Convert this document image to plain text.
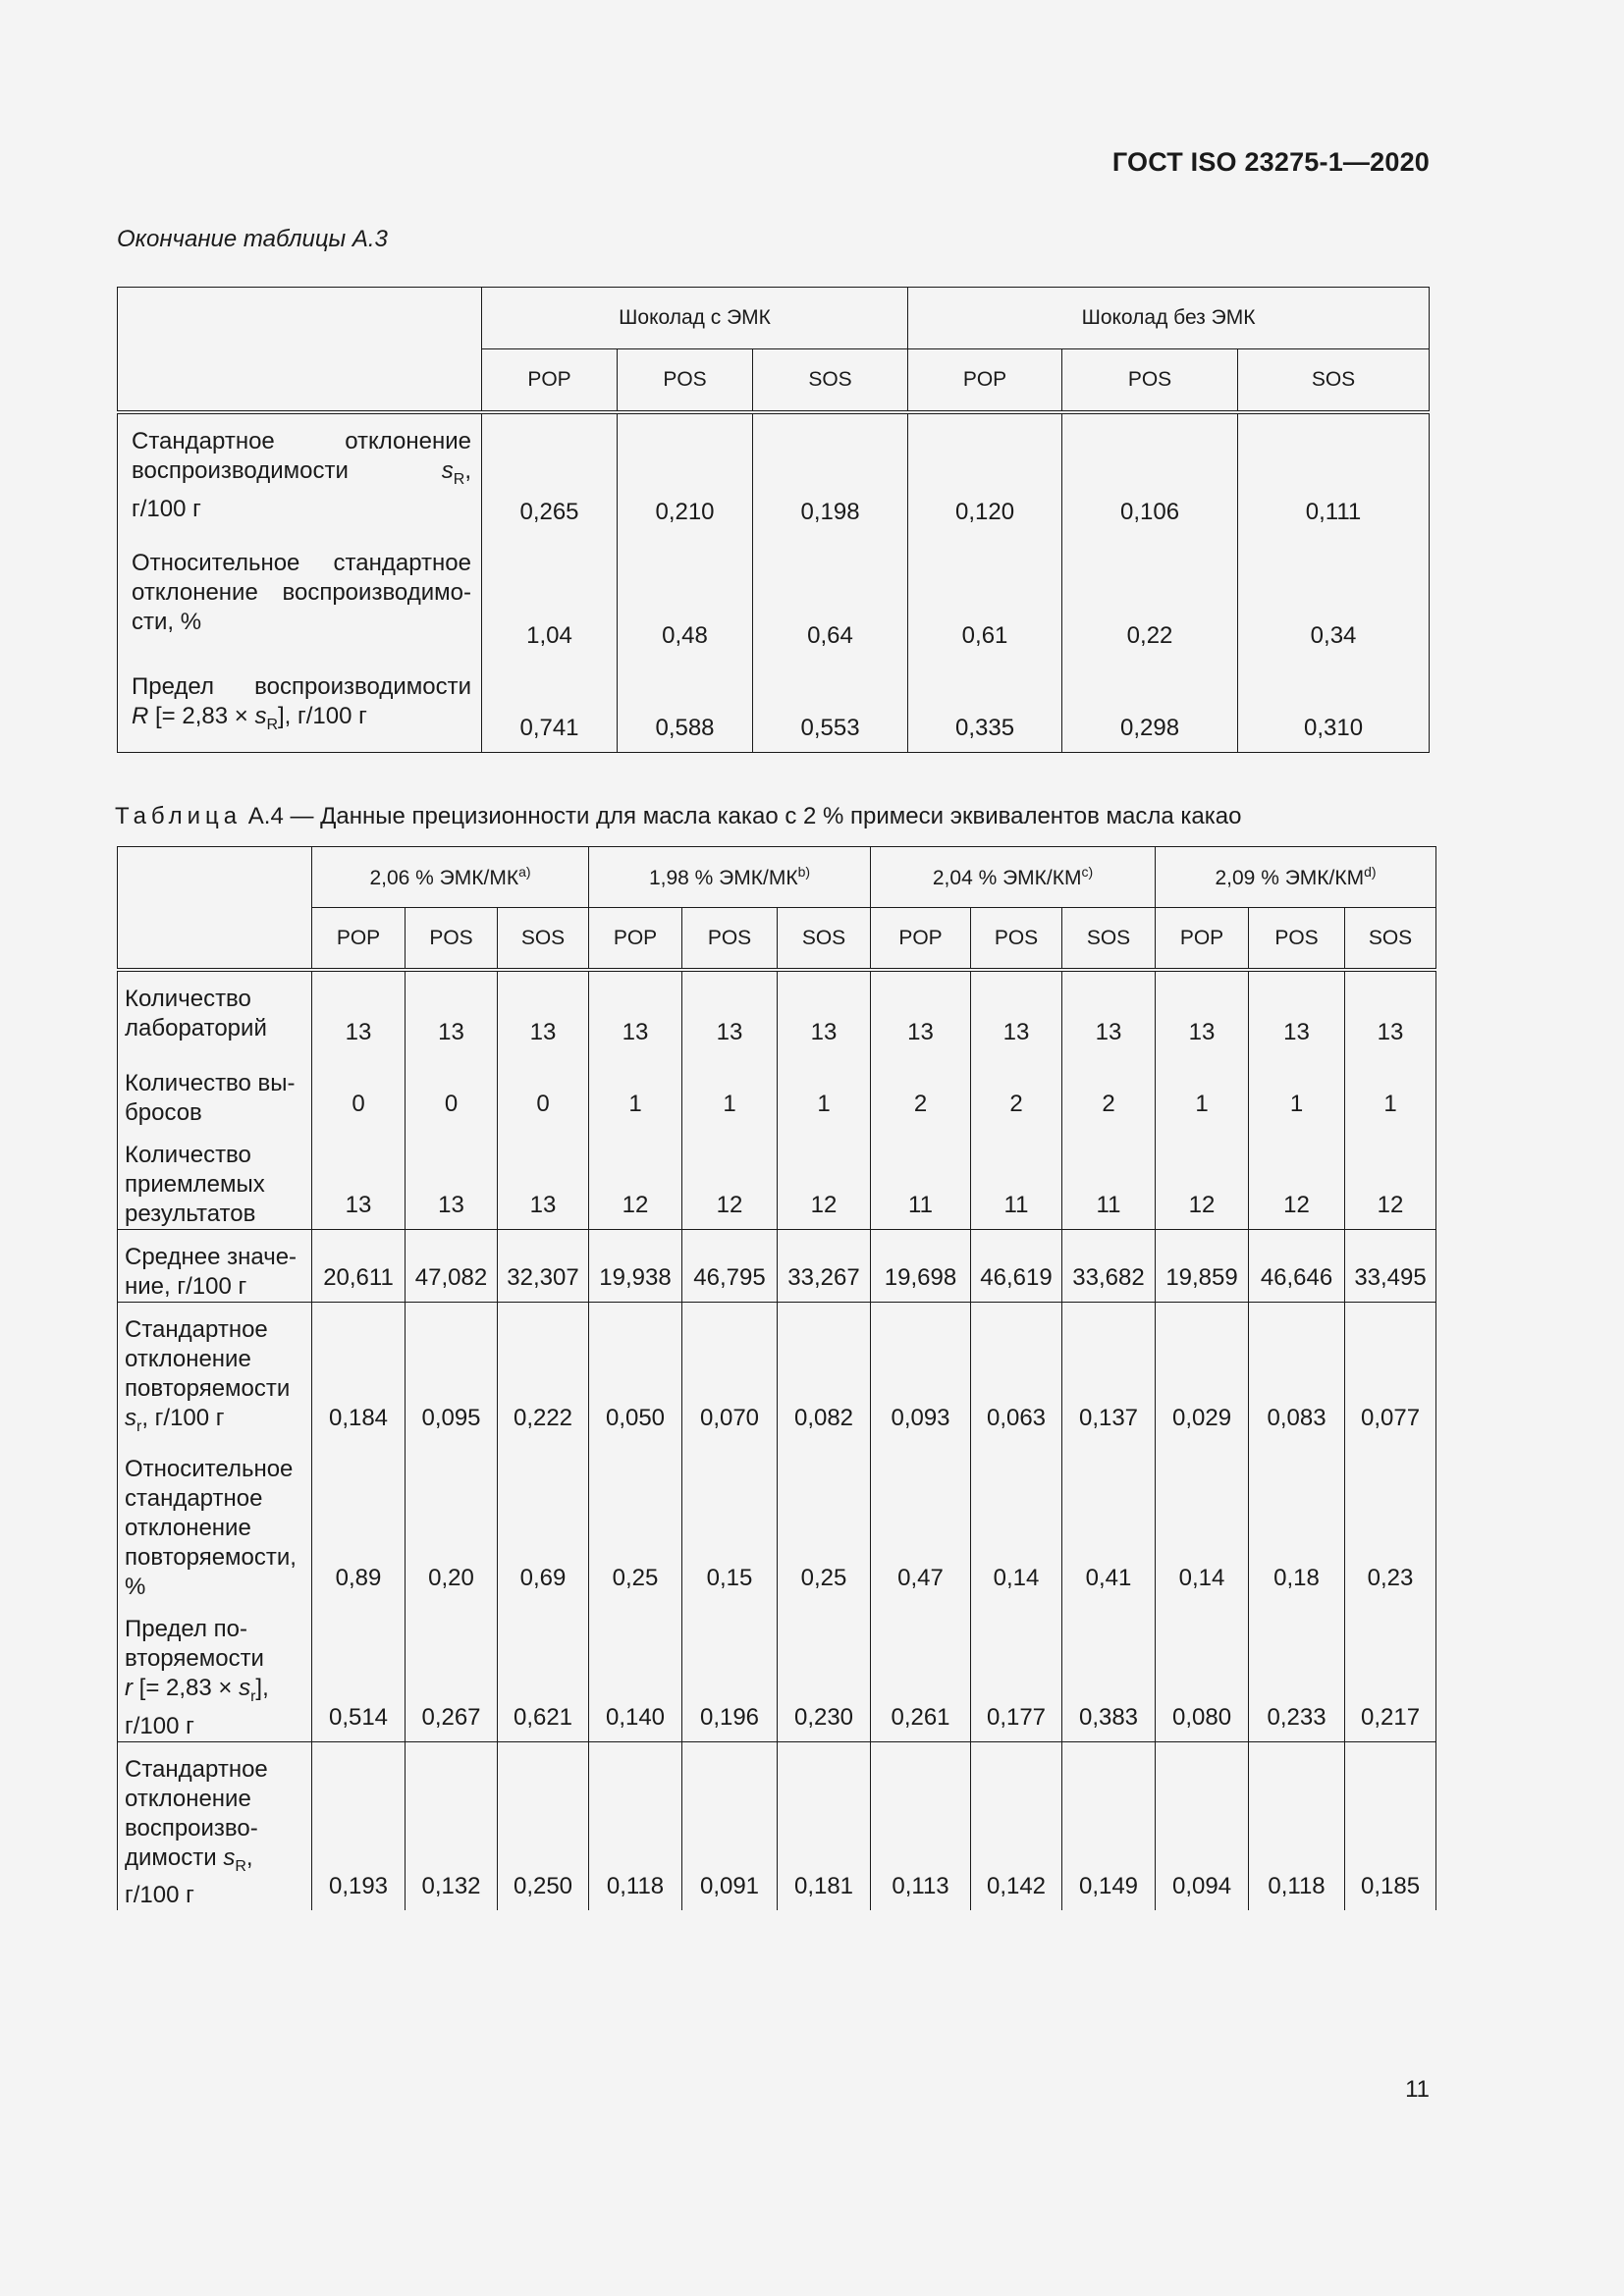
ГОСТ ISO 23275-1—2020
Окончание таблицы А.3
	Шоколад с ЭМК			Шоколад без ЭМК		
	POP	POS	SOS	POP	POS	SOS

Стандартное отклонение
воспроизводимости $s_R$,
г/100 г	0,265	0,210	0,198	0,120	0,106	0,111

Относительное стандартное
отклонение воспроизводимо-
сти, %	1,04	0,48	0,64	0,61	0,22	0,34

Предел воспроизводимости
R [= $2,83 \times s_R$], г/100 г	0,741	0,588	0,553	0,335	0,298	0,310
Таблица А.4 — Данные прецизионности для масла какао с 2 % примеси эквивалентов масла какао
	2,06 % ЭМК/$МК^{а)}$			1,98 % ЭМК/МК$^{b)}$			2,04 % ЭМК/$КМ^{с)}$			2,09 % ЭМК/КМ$^{d)}$
	POP	POS	SOS	POP	POS	SOS	POP	POS	SOS	POP	POS	SOS

Количество
лабораторий	13	13	13	13	13	13	13	13	13	13	13	13

Количество вы-
бросов	0	0	0	1	1	1	2	2	2	1	1	1

Количество
приемлемых
результатов	13	13	13	12	12	12	11	11	11	12	12	12

Среднее значе-
ние, г/100 г	20,611	47,082	32,307	19,938	46,795	33,267	19,698	46,619	33,682	19,859	46,646	33,495

Стандартное
отклонение
повторяемости
$s_r$, г/100 г	0,184	0,095	0,222	0,050	0,070	0,082	0,093	0,063	0,137	0,029	0,083	0,077

Относительное
стандартное
отклонение
повторяемости,
%	0,89	0,20	0,69	0,25	0,15	0,25	0,47	0,14	0,41	0,14	0,18	0,23

Предел по-
вторяемости
r [= $2,83 \times s_r$],
г/100 г	0,514	0,267	0,621	0,140	0,196	0,230	0,261	0,177	0,383	0,080	0,233	0,217

Стандартное
отклонение
воспроизво-
димости $s_R$,
г/100 г	0,193	0,132	0,250	0,118	0,091	0,181	0,113	0,142	0,149	0,094	0,118	0,185
11
